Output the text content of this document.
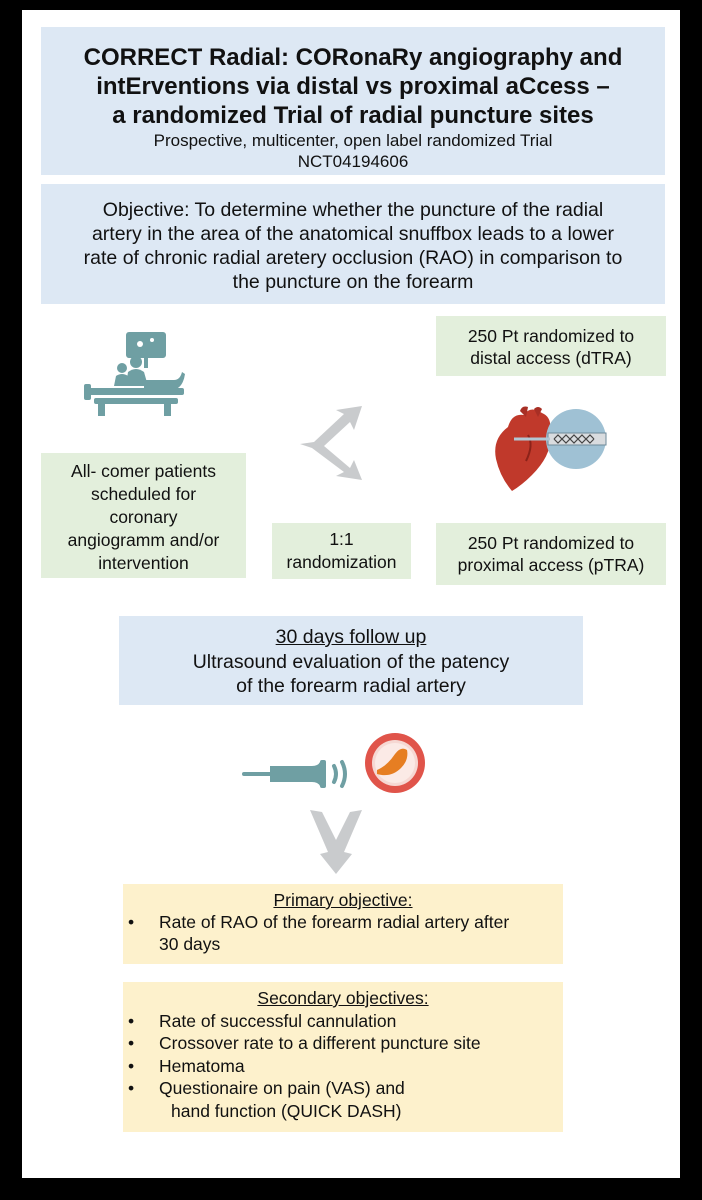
CORRECT Radial: CORonaRy angiography and
intErventions via distal vs proximal aCcess –
a randomized Trial of radial puncture sites

Prospective, multicenter, open label randomized Trial
NCT04194606
Objective: To determine whether the puncture of the radial
artery in the area of the anatomical snuffbox leads to a lower
rate of chronic radial aretery occlusion (RAO) in comparison to
the puncture on the forearm
250 Pt randomized to
distal access (dTRA)
All- comer patients
scheduled for
coronary
angiogramm and/or
intervention
1:1
randomization
250 Pt randomized to
proximal access (pTRA)
30 days follow up
Ultrasound evaluation of the patency
of the forearm radial artery
Primary objective:
• Rate of RAO of the forearm radial artery after
30 days
Secondary objectives:
• Rate of successful cannulation
• Crossover rate to a different puncture site
• Hematoma
• Questionaire on pain (VAS) and
hand function (QUICK DASH)
